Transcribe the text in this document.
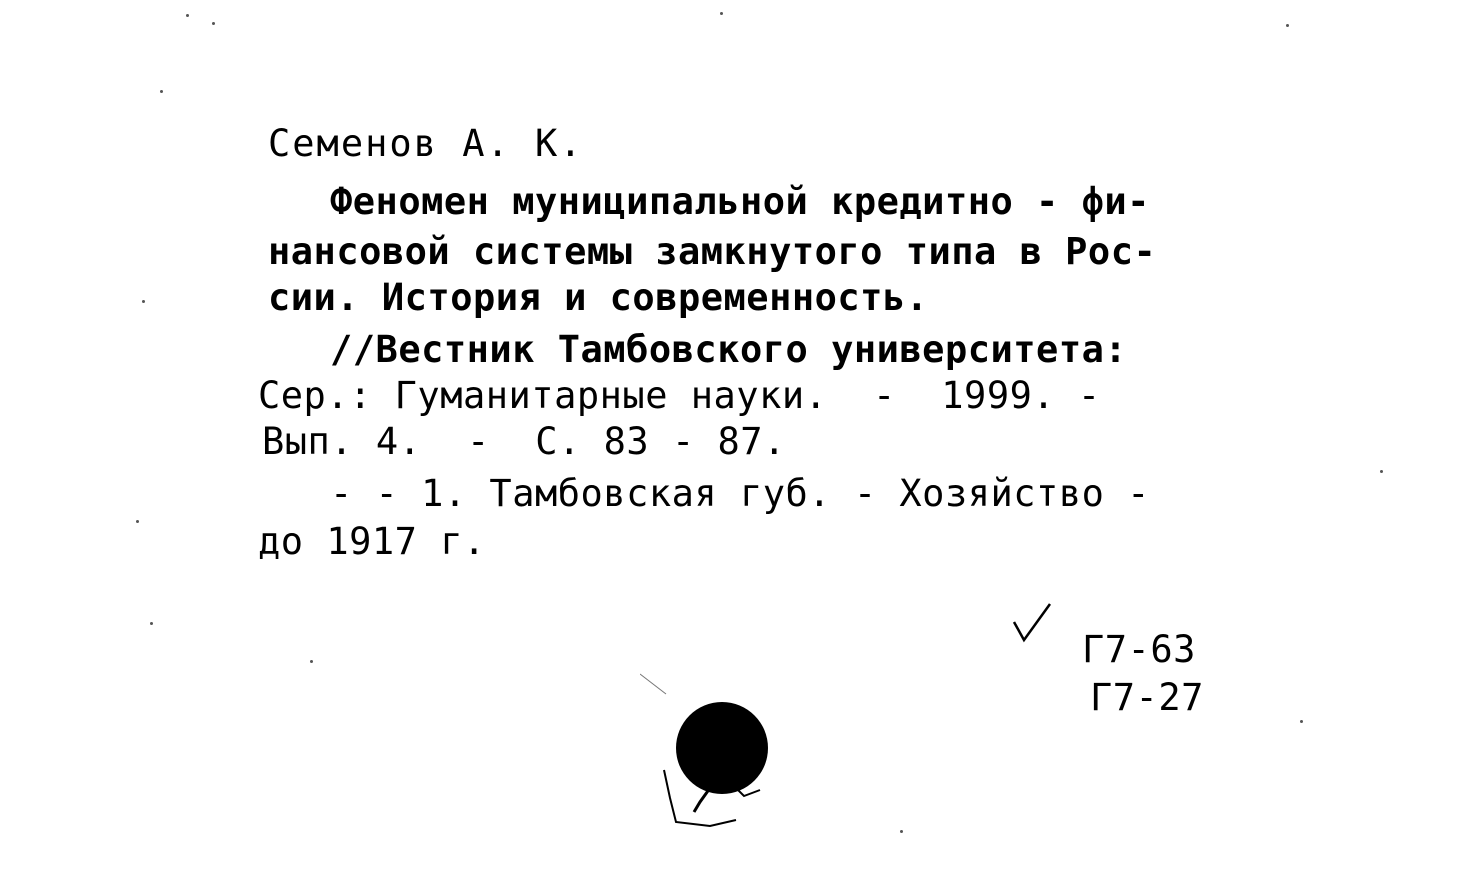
Семенов А. К.
Феномен муниципальной кредитно - фи-
нансовой системы замкнутого типа в Рос-
сии. История и современность.
//Вестник Тамбовского университета:
Сер.: Гуманитарные науки.  -  1999. -
Вып. 4.  -  С. 83 - 87.
- - 1. Тамбовская губ. - Хозяйство -
до 1917 г.
Г7-63
Г7-27
